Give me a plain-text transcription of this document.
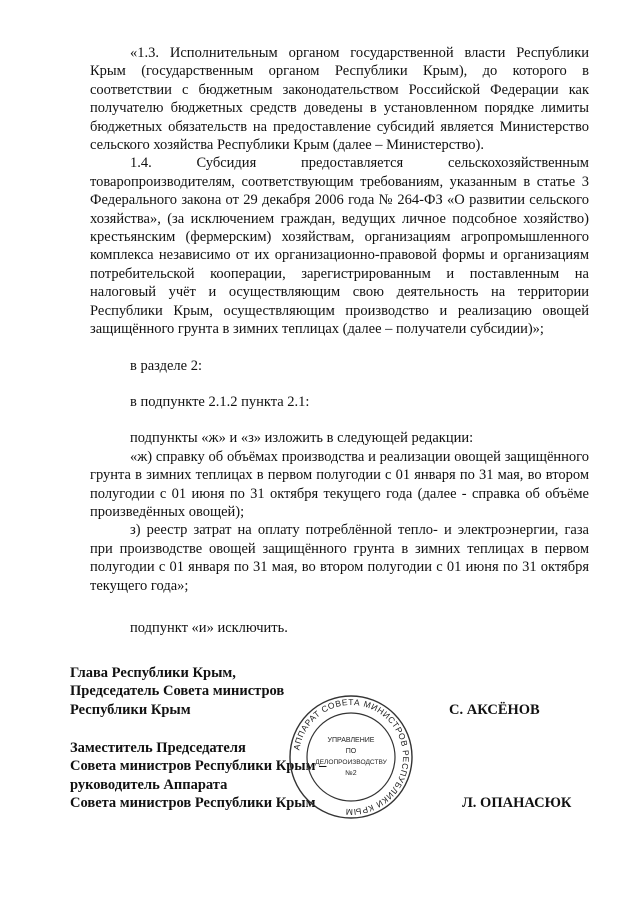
«1.3. Исполнительным органом государственной власти Республики Крым (государственным органом Республики Крым), до которого в соответствии с бюджетным законодательством Российской Федерации как получателю бюджетных средств доведены в установленном порядке лимиты бюджетных обязательств на предоставление субсидий является Министерство сельского хозяйства Республики Крым (далее – Министерство).

1.4. Субсидия предоставляется сельскохозяйственным товаропроизводителям, соответствующим требованиям, указанным в статье 3 Федерального закона от 29 декабря 2006 года № 264-ФЗ «О развитии сельского хозяйства», (за исключением граждан, ведущих личное подсобное хозяйство) крестьянским (фермерским) хозяйствам, организациям агропромышленного комплекса независимо от их организационно-правовой формы и организациям потребительской кооперации, зарегистрированным и поставленным на налоговый учёт и осуществляющим свою деятельность на территории Республики Крым, осуществляющим производство и реализацию овощей защищённого грунта в зимних теплицах (далее – получатели субсидии)»;

в разделе 2:

в подпункте 2.1.2 пункта 2.1:

подпункты «ж» и «з» изложить в следующей редакции:

«ж) справку об объёмах производства и реализации овощей защищённого грунта в зимних теплицах в первом полугодии с 01 января по 31 мая, во втором полугодии с 01 июня по 31 октября текущего года (далее - справка об объёме произведённых овощей);

з) реестр затрат на оплату потреблённой тепло- и электроэнергии, газа при производстве овощей защищённого грунта в зимних теплицах в первом полугодии с 01 января по 31 мая, во втором полугодии с 01 июня по 31 октября текущего года»;

подпункт «и» исключить.

Глава Республики Крым,
Председатель Совета министров
Республики Крым	С. АКСЁНОВ
Заместитель Председателя
Совета министров Республики Крым –
руководитель Аппарата
Совета министров Республики Крым	Л. ОПАНАСЮК
АППАРАТ СОВЕТА МИНИСТРОВ РЕСПУБЛИКИ КРЫМ
УПРАВЛЕНИЕ
ПО
ДЕЛОПРОИЗВОДСТВУ
№2
